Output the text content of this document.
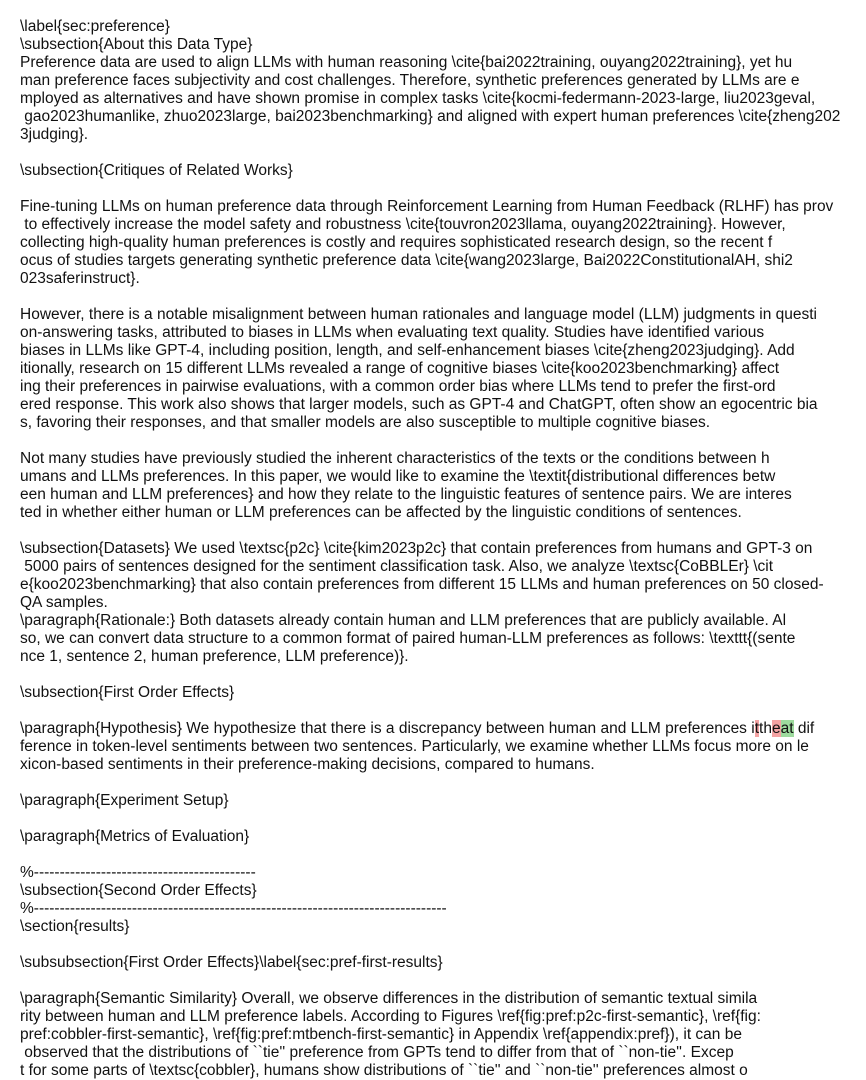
\label{sec:preference}
\subsection{About this Data Type}
Preference data are used to align LLMs with human reasoning \cite{bai2022training, ouyang2022training}, yet hu
man preference faces subjectivity and cost challenges. Therefore, synthetic preferences generated by LLMs are e
mployed as alternatives and have shown promise in complex tasks \cite{kocmi-federmann-2023-large, liu2023geval,
gao2023humanlike, zhuo2023large, bai2023benchmarking} and aligned with expert human preferences \cite{zheng202
3judging}.
\subsection{Critiques of Related Works}
Fine-tuning LLMs on human preference data through Reinforcement Learning from Human Feedback (RLHF) has prov
to effectively increase the model safety and robustness \cite{touvron2023llama, ouyang2022training}. However,
collecting high-quality human preferences is costly and requires sophisticated research design, so the recent f
ocus of studies targets generating synthetic preference data \cite{wang2023large, Bai2022ConstitutionalAH, shi2
023saferinstruct}.
However, there is a notable misalignment between human rationales and language model (LLM) judgments in questi
on-answering tasks, attributed to biases in LLMs when evaluating text quality. Studies have identified various
biases in LLMs like GPT-4, including position, length, and self-enhancement biases \cite{zheng2023judging}. Add
itionally, research on 15 different LLMs revealed a range of cognitive biases \cite{koo2023benchmarking} affect
ing their preferences in pairwise evaluations, with a common order bias where LLMs tend to prefer the first-ord
ered response. This work also shows that larger models, such as GPT-4 and ChatGPT, often show an egocentric bia
s, favoring their responses, and that smaller models are also susceptible to multiple cognitive biases.
Not many studies have previously studied the inherent characteristics of the texts or the conditions between h
umans and LLMs preferences. In this paper, we would like to examine the \textit{distributional differences betw
een human and LLM preferences} and how they relate to the linguistic features of sentence pairs. We are interes
ted in whether either human or LLM preferences can be affected by the linguistic conditions of sentences.
\subsection{Datasets} We used \textsc{p2c} \cite{kim2023p2c} that contain preferences from humans and GPT-3 on
5000 pairs of sentences designed for the sentiment classification task. Also, we analyze \textsc{CoBBLEr} \cit
e{koo2023benchmarking} that also contain preferences from different 15 LLMs and human preferences on 50 closed-
QA samples.
\paragraph{Rationale:} Both datasets already contain human and LLM preferences that are publicly available. Al
so, we can convert data structure to a common format of paired human-LLM preferences as follows: \texttt{(sente
nce 1, sentence 2, human preference, LLM preference)}.
\subsection{First Order Effects}
\paragraph{Hypothesis} We hypothesize that there is a discrepancy between human and LLM preferences ittheat dif
ference in token-level sentiments between two sentences. Particularly, we examine whether LLMs focus more on le
xicon-based sentiments in their preference-making decisions, compared to humans.
\paragraph{Experiment Setup}
\paragraph{Metrics of Evaluation}
%-------------------------------------------
\subsection{Second Order Effects}
%--------------------------------------------------------------------------------
\section{results}
\subsubsection{First Order Effects}\label{sec:pref-first-results}
\paragraph{Semantic Similarity} Overall, we observe differences in the distribution of semantic textual simila
rity between human and LLM preference labels. According to Figures \ref{fig:pref:p2c-first-semantic}, \ref{fig:
pref:cobbler-first-semantic}, \ref{fig:pref:mtbench-first-semantic} in Appendix \ref{appendix:pref}), it can be
observed that the distributions of ``tie'' preference from GPTs tend to differ from that of ``non-tie''. Excep
t for some parts of \textsc{cobbler}, humans show distributions of ``tie'' and ``non-tie'' preferences almost o
